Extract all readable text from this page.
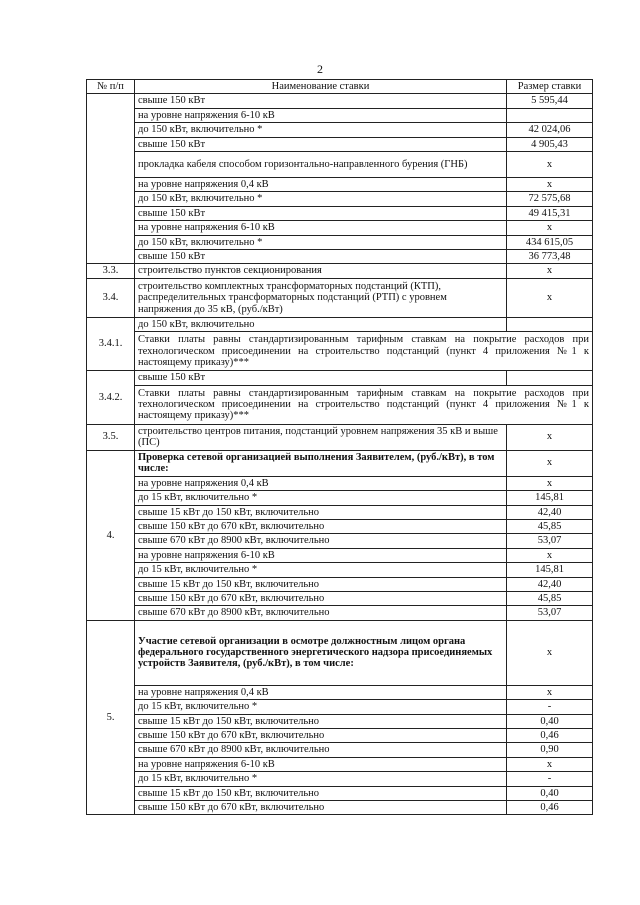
2
№ п/п	Наименование ставки	Размер ставки
	свыше 150 кВт	5 595,44
	на уровне напряжения 6-10 кВ	
	до 150 кВт, включительно *	42 024,06
	свыше 150 кВт	4 905,43
	прокладка кабеля способом горизонтально-направленного бурения (ГНБ)	х
	на уровне напряжения 0,4 кВ	х
	до 150 кВт, включительно *	72 575,68
	свыше 150 кВт	49 415,31
	на уровне напряжения 6-10 кВ	х
	до 150 кВт, включительно *	434 615,05
	свыше 150 кВт	36 773,48
3.3.	строительство пунктов секционирования	х
3.4.	строительство комплектных трансформаторных подстанций (КТП), распределительных трансформаторных подстанций (РТП) с уровнем напряжения до 35 кВ, (руб./кВт)	х
3.4.1.	до 150 кВт, включительно	
	Ставки платы равны стандартизированным тарифным ставкам на покрытие расходов при технологическом присоединении на строительство подстанций (пункт 4 приложения №1 к настоящему приказу)***	
3.4.2.	свыше 150 кВт	
	Ставки платы равны стандартизированным тарифным ставкам на покрытие расходов при технологическом присоединении на строительство подстанций (пункт 4 приложения №1 к настоящему приказу)***	
3.5.	строительство центров питания, подстанций уровнем напряжения 35 кВ и выше (ПС)	х
4.	Проверка сетевой организацией выполнения Заявителем, (руб./кВт), в том числе:	х
	на уровне напряжения 0,4 кВ	х
	до 15 кВт, включительно *	145,81
	свыше 15 кВт до 150 кВт, включительно	42,40
	свыше 150 кВт до 670 кВт, включительно	45,85
	свыше 670 кВт до 8900 кВт, включительно	53,07
	на уровне напряжения 6-10 кВ	х
	до 15 кВт, включительно *	145,81
	свыше 15 кВт до 150 кВт, включительно	42,40
	свыше 150 кВт до 670 кВт, включительно	45,85
	свыше 670 кВт до 8900 кВт, включительно	53,07
5.	Участие сетевой организации в осмотре должностным лицом органа федерального государственного энергетического надзора присоединяемых устройств Заявителя, (руб./кВт), в том числе:	х
	на уровне напряжения 0,4 кВ	х
	до 15 кВт, включительно *	-
	свыше 15 кВт до 150 кВт, включительно	0,40
	свыше 150 кВт до 670 кВт, включительно	0,46
	свыше 670 кВт до 8900 кВт, включительно	0,90
	на уровне напряжения 6-10 кВ	х
	до 15 кВт, включительно *	-
	свыше 15 кВт до 150 кВт, включительно	0,40
	свыше 150 кВт до 670 кВт, включительно	0,46
